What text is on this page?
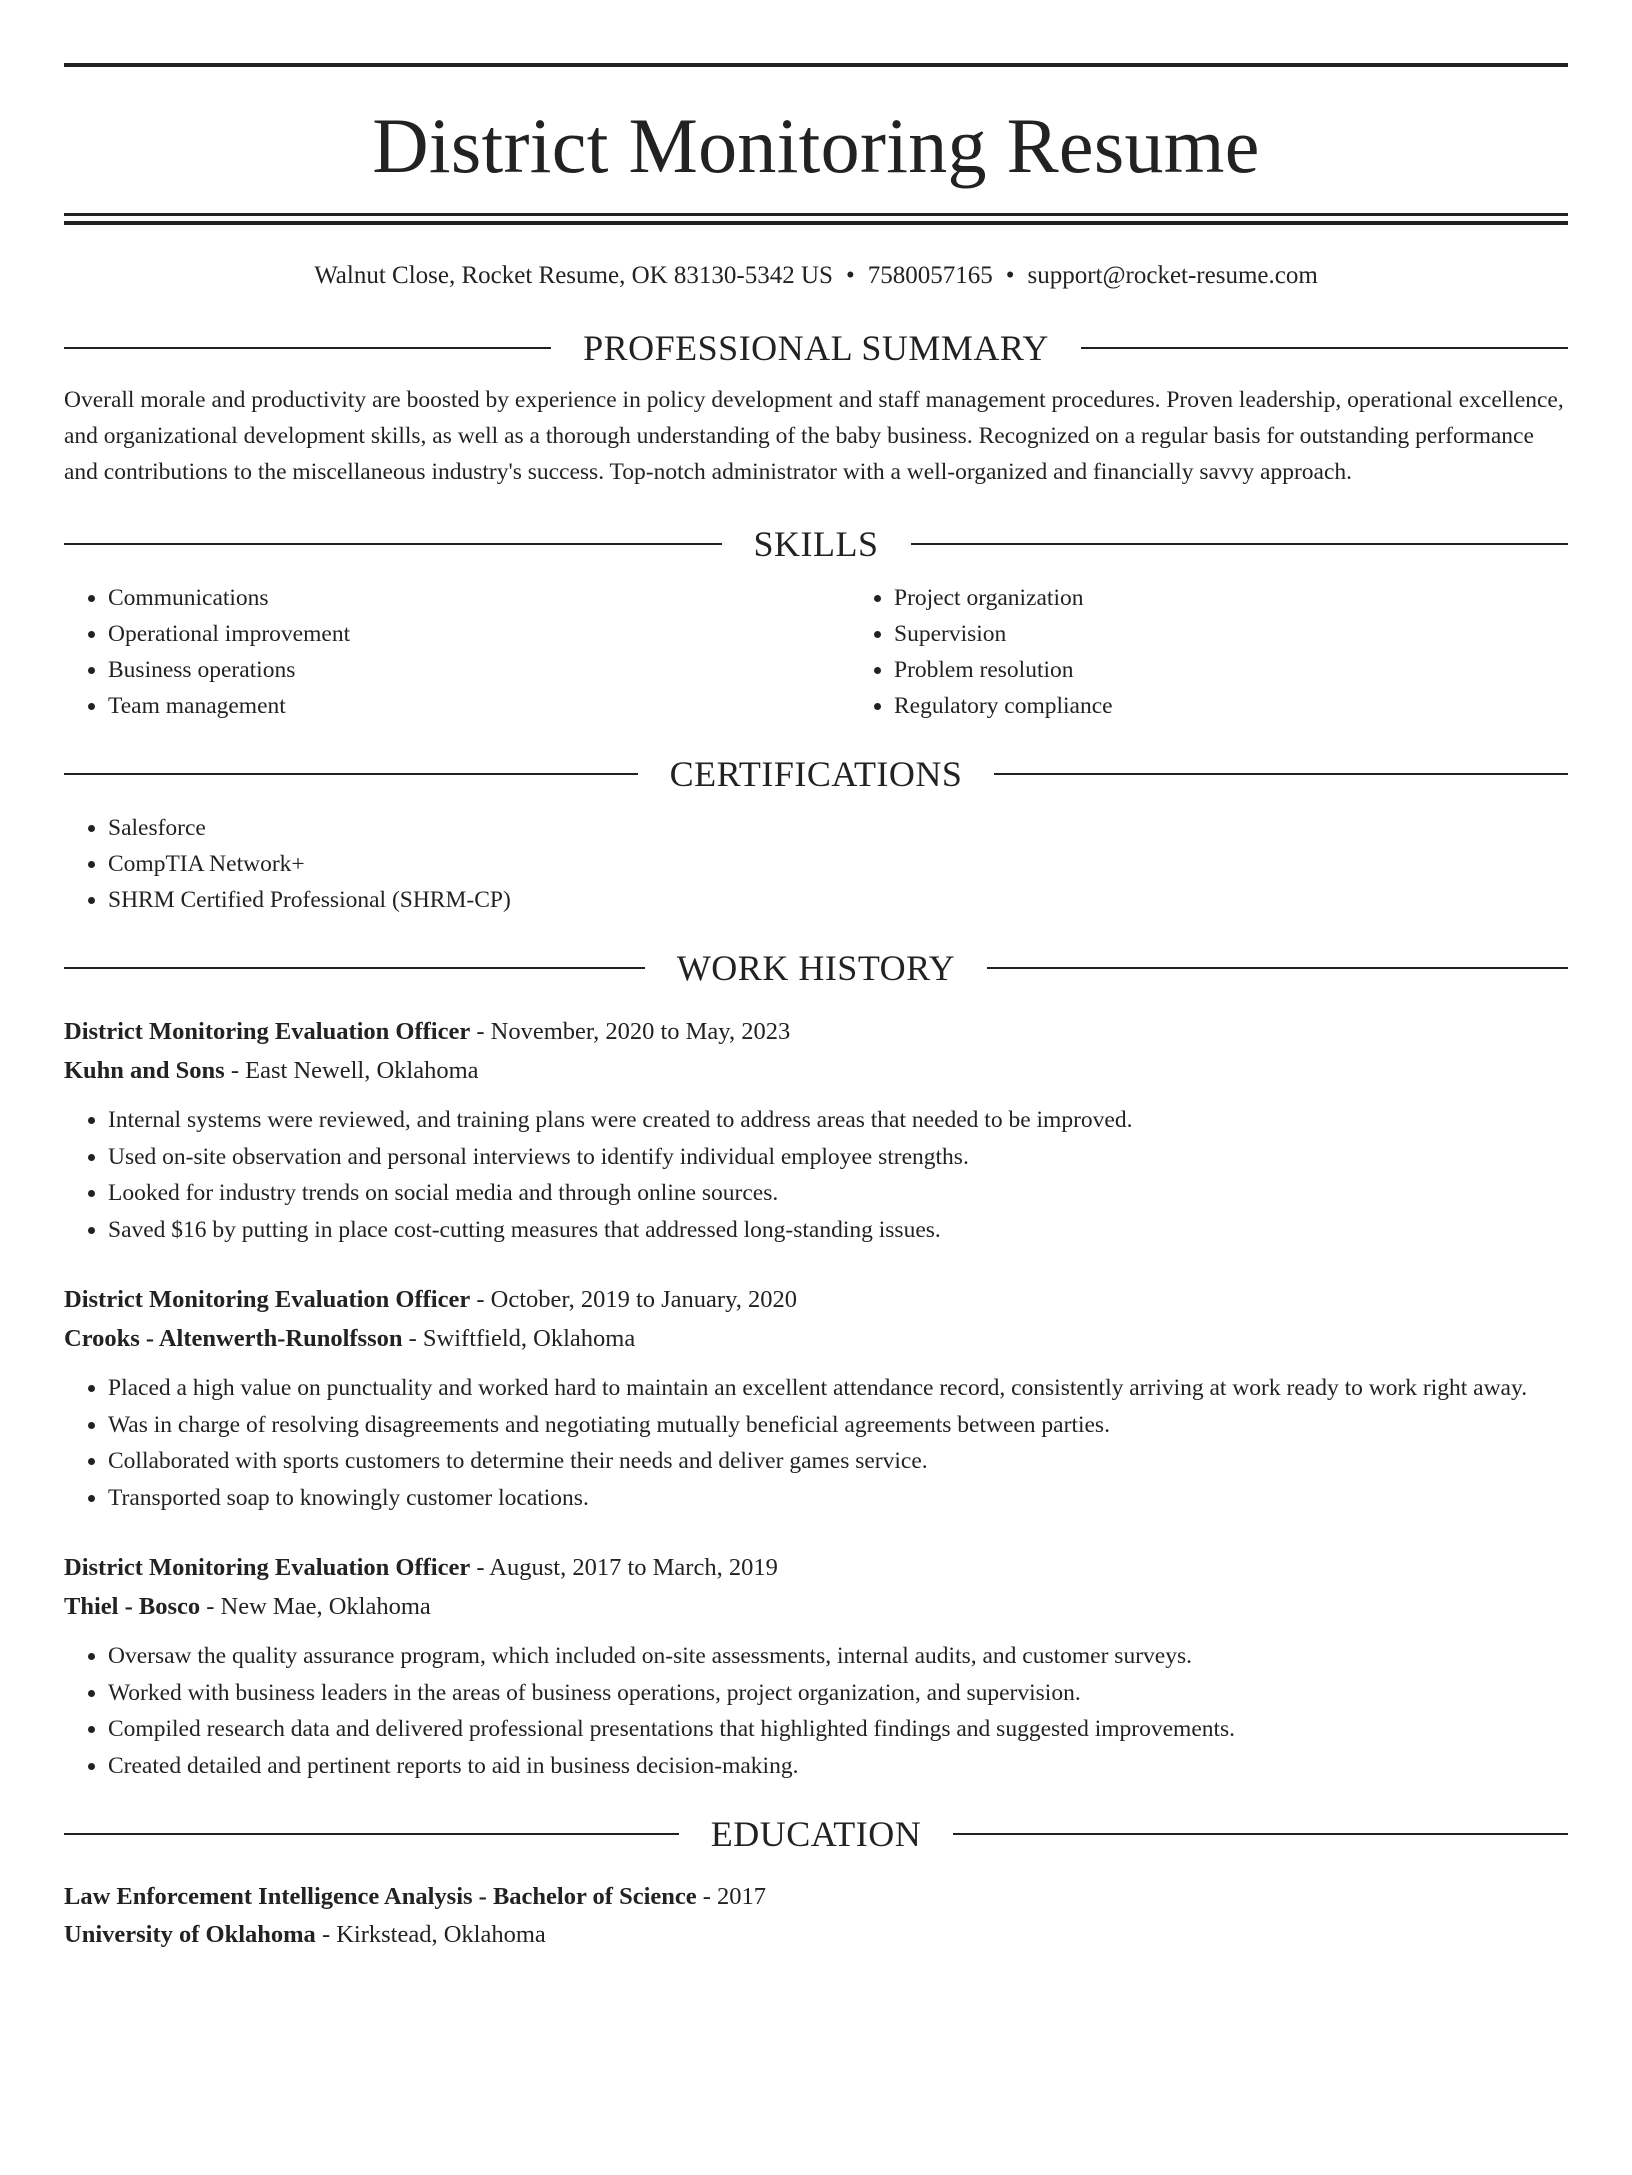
District Monitoring Resume
Walnut Close, Rocket Resume, OK 83130-5342 US • 7580057165 • support@rocket-resume.com
PROFESSIONAL SUMMARY
Overall morale and productivity are boosted by experience in policy development and staff management procedures. Proven leadership, operational excellence, and organizational development skills, as well as a thorough understanding of the baby business. Recognized on a regular basis for outstanding performance and contributions to the miscellaneous industry's success. Top-notch administrator with a well-organized and financially savvy approach.
SKILLS
• Communications
• Operational improvement
• Business operations
• Team management
• Project organization
• Supervision
• Problem resolution
• Regulatory compliance
CERTIFICATIONS
• Salesforce
• CompTIA Network+
• SHRM Certified Professional (SHRM-CP)
WORK HISTORY
District Monitoring Evaluation Officer - November, 2020 to May, 2023
Kuhn and Sons - East Newell, Oklahoma
• Internal systems were reviewed, and training plans were created to address areas that needed to be improved.
• Used on-site observation and personal interviews to identify individual employee strengths.
• Looked for industry trends on social media and through online sources.
• Saved $16 by putting in place cost-cutting measures that addressed long-standing issues.
District Monitoring Evaluation Officer - October, 2019 to January, 2020
Crooks - Altenwerth-Runolfsson - Swiftfield, Oklahoma
• Placed a high value on punctuality and worked hard to maintain an excellent attendance record, consistently arriving at work ready to work right away.
• Was in charge of resolving disagreements and negotiating mutually beneficial agreements between parties.
• Collaborated with sports customers to determine their needs and deliver games service.
• Transported soap to knowingly customer locations.
District Monitoring Evaluation Officer - August, 2017 to March, 2019
Thiel - Bosco - New Mae, Oklahoma
• Oversaw the quality assurance program, which included on-site assessments, internal audits, and customer surveys.
• Worked with business leaders in the areas of business operations, project organization, and supervision.
• Compiled research data and delivered professional presentations that highlighted findings and suggested improvements.
• Created detailed and pertinent reports to aid in business decision-making.
EDUCATION
Law Enforcement Intelligence Analysis - Bachelor of Science - 2017
University of Oklahoma - Kirkstead, Oklahoma
